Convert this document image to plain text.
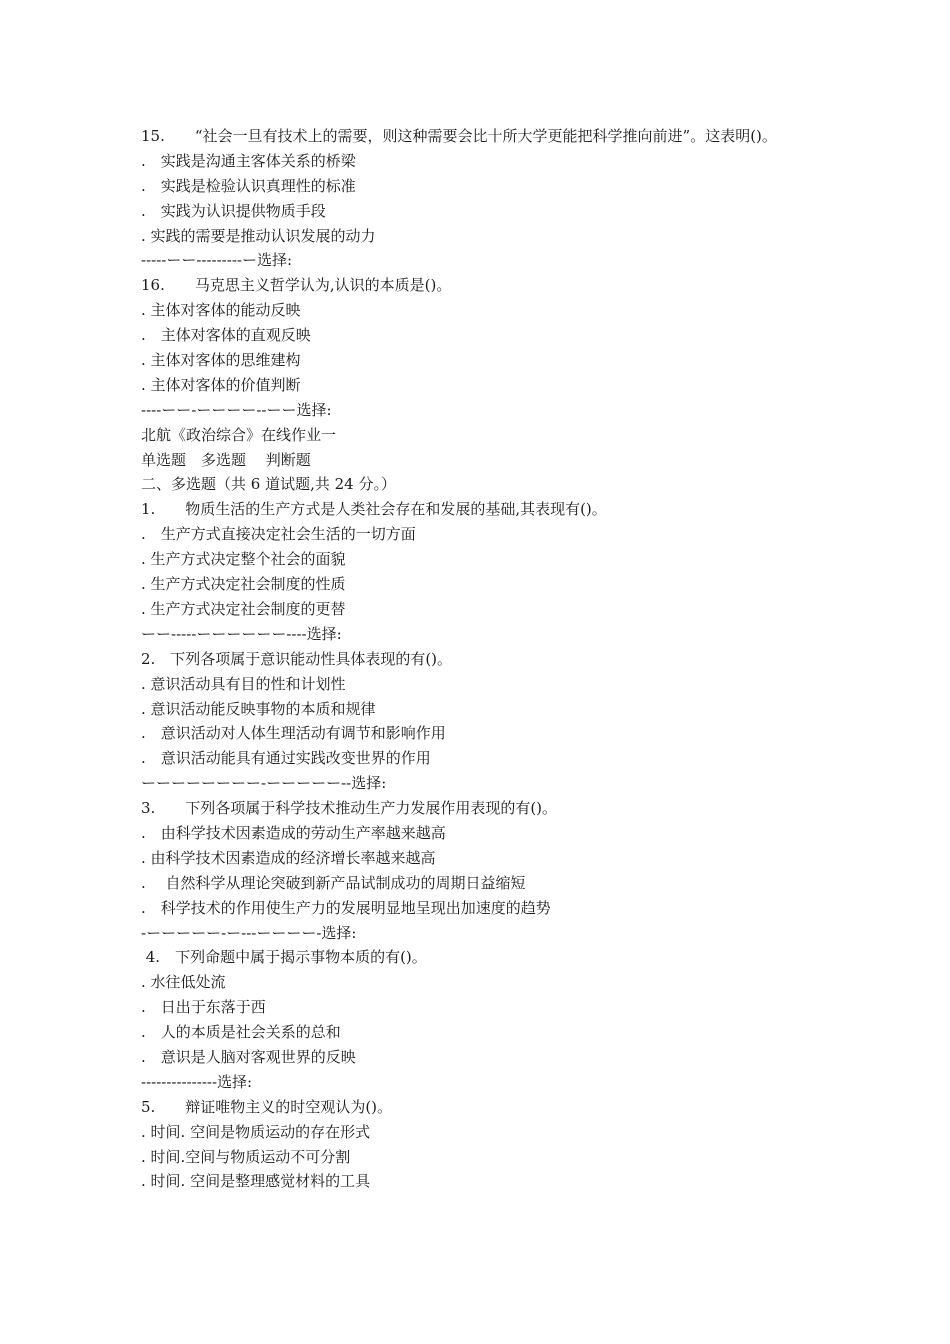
15.　　“社会一旦有技术上的需要，则这种需要会比十所大学更能把科学推向前进”。这表明()。
.　实践是沟通主客体关系的桥梁
.　实践是检验认识真理性的标准
.　实践为认识提供物质手段
. 实践的需要是推动认识发展的动力
-----ーー---------ー选择:
16.　　马克思主义哲学认为,认识的本质是()。
. 主体对客体的能动反映
.　主体对客体的直观反映
. 主体对客体的思维建构
. 主体对客体的价值判断
----ーー-ーーーー--ーー选择:
北航《政治综合》在线作业一
单选题　多选题　 判断题
二、多选题（共 6 道试题,共 24 分。）
1.　　物质生活的生产方式是人类社会存在和发展的基础,其表现有()。
.　生产方式直接决定社会生活的一切方面
. 生产方式决定整个社会的面貌
. 生产方式决定社会制度的性质
. 生产方式决定社会制度的更替
ーー-----ーーーーーー----选择:
2.　下列各项属于意识能动性具体表现的有()。
. 意识活动具有目的性和计划性
. 意识活动能反映事物的本质和规律
.　意识活动对人体生理活动有调节和影响作用
.　意识活动能具有通过实践改变世界的作用
ーーーーーーーー-ーーーーー--选择:
3.　　下列各项属于科学技术推动生产力发展作用表现的有()。
.　由科学技术因素造成的劳动生产率越来越高
. 由科学技术因素造成的经济增长率越来越高
.　 自然科学从理论突破到新产品试制成功的周期日益缩短
.　科学技术的作用使生产力的发展明显地呈现出加速度的趋势
-ーーーーー-ー---ーーーー-选择:
4.　下列命题中属于揭示事物本质的有()。
. 水往低处流
.　日出于东落于西
.　人的本质是社会关系的总和
.　意识是人脑对客观世界的反映
---------------选择:
5.　　辩证唯物主义的时空观认为()。
. 时间. 空间是物质运动的存在形式
. 时间.空间与物质运动不可分割
. 时间. 空间是整理感觉材料的工具
